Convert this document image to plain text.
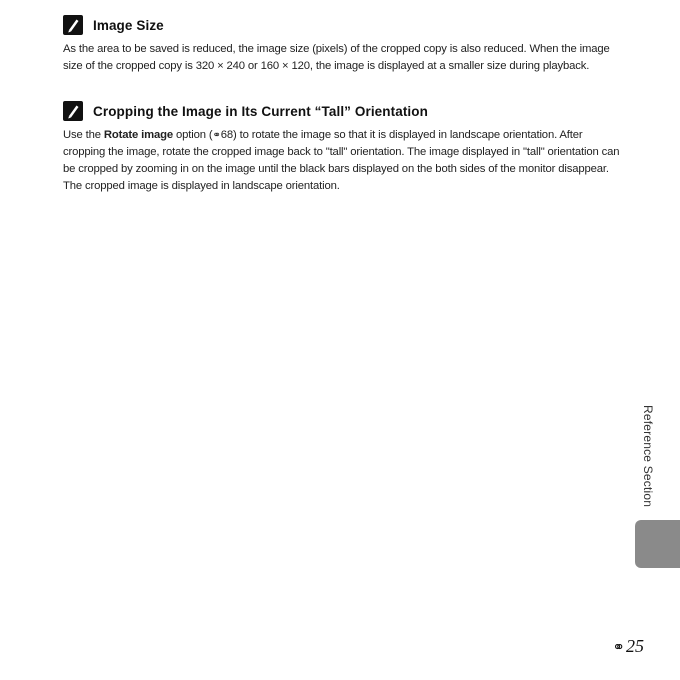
Image Size
As the area to be saved is reduced, the image size (pixels) of the cropped copy is also reduced. When the image size of the cropped copy is 320 × 240 or 160 × 120, the image is displayed at a smaller size during playback.
Cropping the Image in Its Current “Tall” Orientation
Use the Rotate image option (⚭68) to rotate the image so that it is displayed in landscape orientation. After cropping the image, rotate the cropped image back to "tall" orientation. The image displayed in "tall" orientation can be cropped by zooming in on the image until the black bars displayed on the both sides of the monitor disappear. The cropped image is displayed in landscape orientation.
Reference Section
⚭ 25
